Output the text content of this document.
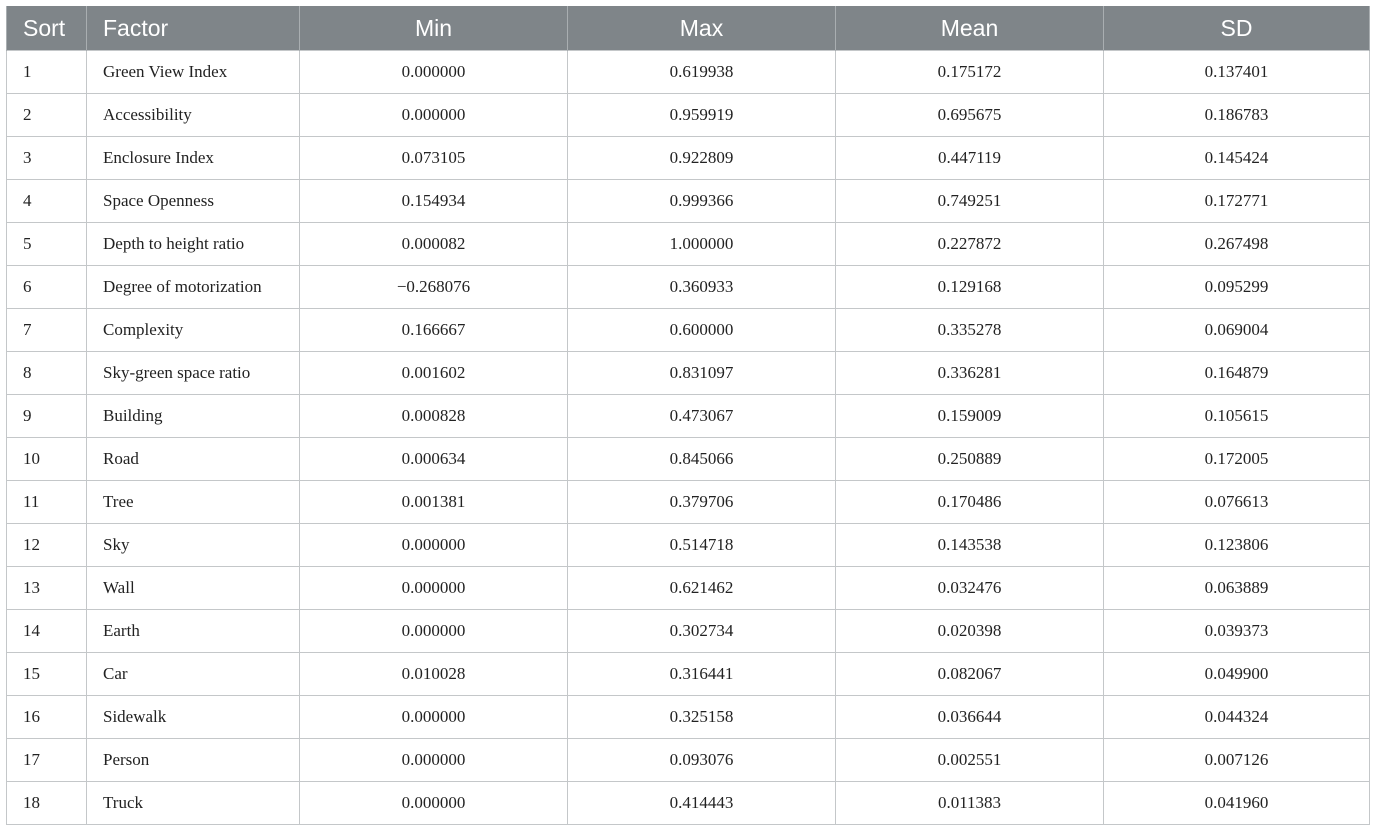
Sort	Factor	Min	Max	Mean	SD
1	Green View Index	0.000000	0.619938	0.175172	0.137401
2	Accessibility	0.000000	0.959919	0.695675	0.186783
3	Enclosure Index	0.073105	0.922809	0.447119	0.145424
4	Space Openness	0.154934	0.999366	0.749251	0.172771
5	Depth to height ratio	0.000082	1.000000	0.227872	0.267498
6	Degree of motorization	−0.268076	0.360933	0.129168	0.095299
7	Complexity	0.166667	0.600000	0.335278	0.069004
8	Sky-green space ratio	0.001602	0.831097	0.336281	0.164879
9	Building	0.000828	0.473067	0.159009	0.105615
10	Road	0.000634	0.845066	0.250889	0.172005
11	Tree	0.001381	0.379706	0.170486	0.076613
12	Sky	0.000000	0.514718	0.143538	0.123806
13	Wall	0.000000	0.621462	0.032476	0.063889
14	Earth	0.000000	0.302734	0.020398	0.039373
15	Car	0.010028	0.316441	0.082067	0.049900
16	Sidewalk	0.000000	0.325158	0.036644	0.044324
17	Person	0.000000	0.093076	0.002551	0.007126
18	Truck	0.000000	0.414443	0.011383	0.041960
